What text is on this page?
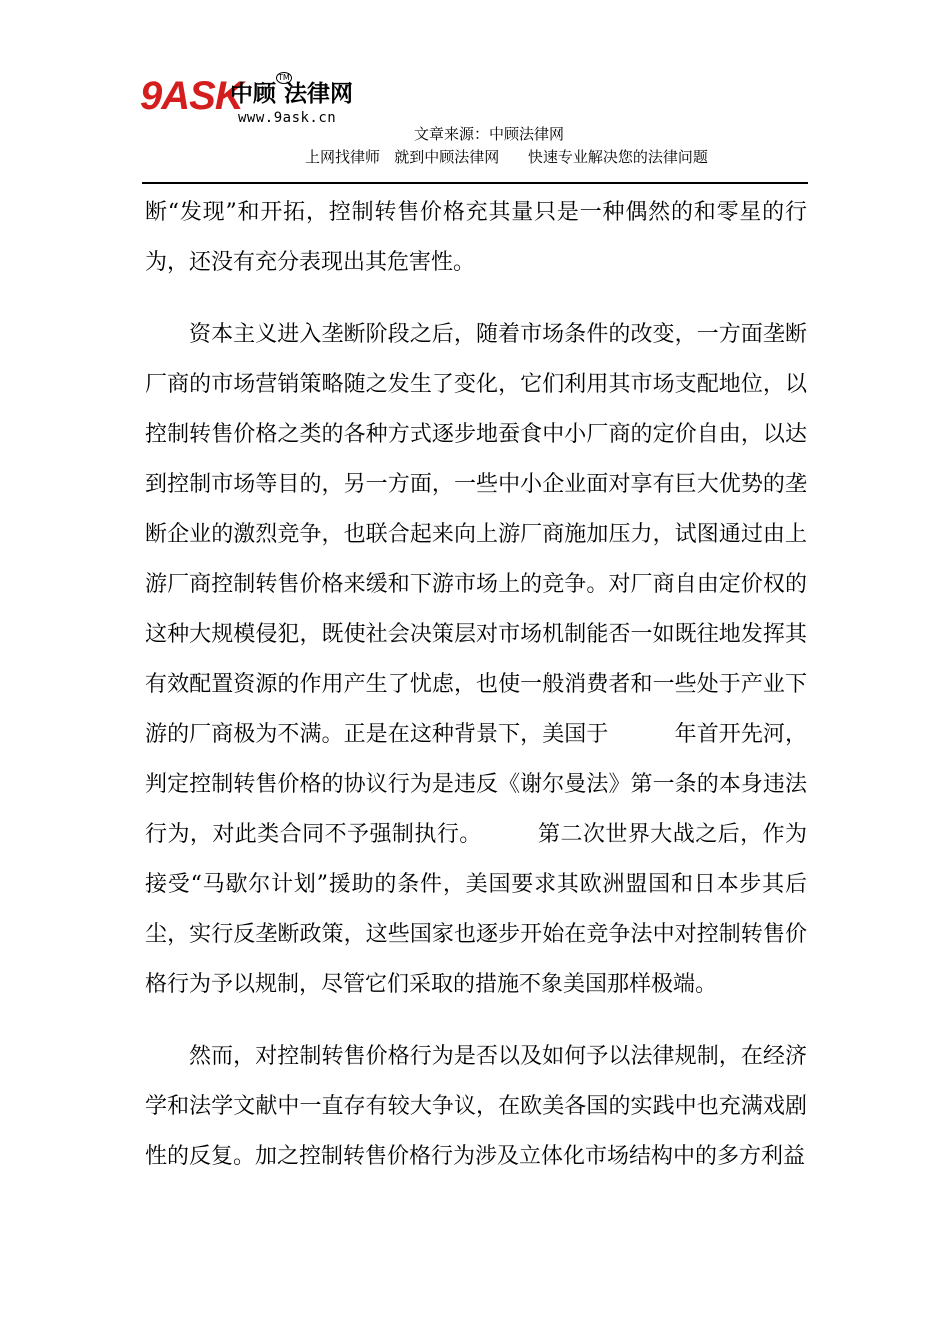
9ASK
中顾 法律网
TM
www.9ask.cn
文章来源：中顾法律网
上网找律师   就到中顾法律网      快速专业解决您的法律问题

断“发现”和开拓，控制转售价格充其量只是一种偶然的和零星的行为，还没有充分表现出其危害性。

资本主义进入垄断阶段之后，随着市场条件的改变，一方面垄断厂商的市场营销策略随之发生了变化，它们利用其市场支配地位，以控制转售价格之类的各种方式逐步地蚕食中小厂商的定价自由，以达到控制市场等目的，另一方面，一些中小企业面对享有巨大优势的垄断企业的激烈竞争，也联合起来向上游厂商施加压力，试图通过由上游厂商控制转售价格来缓和下游市场上的竞争。对厂商自由定价权的这种大规模侵犯，既使社会决策层对市场机制能否一如既往地发挥其有效配置资源的作用产生了忧虑，也使一般消费者和一些处于产业下游的厂商极为不满。正是在这种背景下，美国于　　　年首开先河，判定控制转售价格的协议行为是违反《谢尔曼法》第一条的本身违法行为，对此类合同不予强制执行。　　　第二次世界大战之后，作为接受“马歇尔计划”援助的条件，美国要求其欧洲盟国和日本步其后尘，实行反垄断政策，这些国家也逐步开始在竞争法中对控制转售价格行为予以规制，尽管它们采取的措施不象美国那样极端。

然而，对控制转售价格行为是否以及如何予以法律规制，在经济学和法学文献中一直存有较大争议，在欧美各国的实践中也充满戏剧性的反复。加之控制转售价格行为涉及立体化市场结构中的多方利益
